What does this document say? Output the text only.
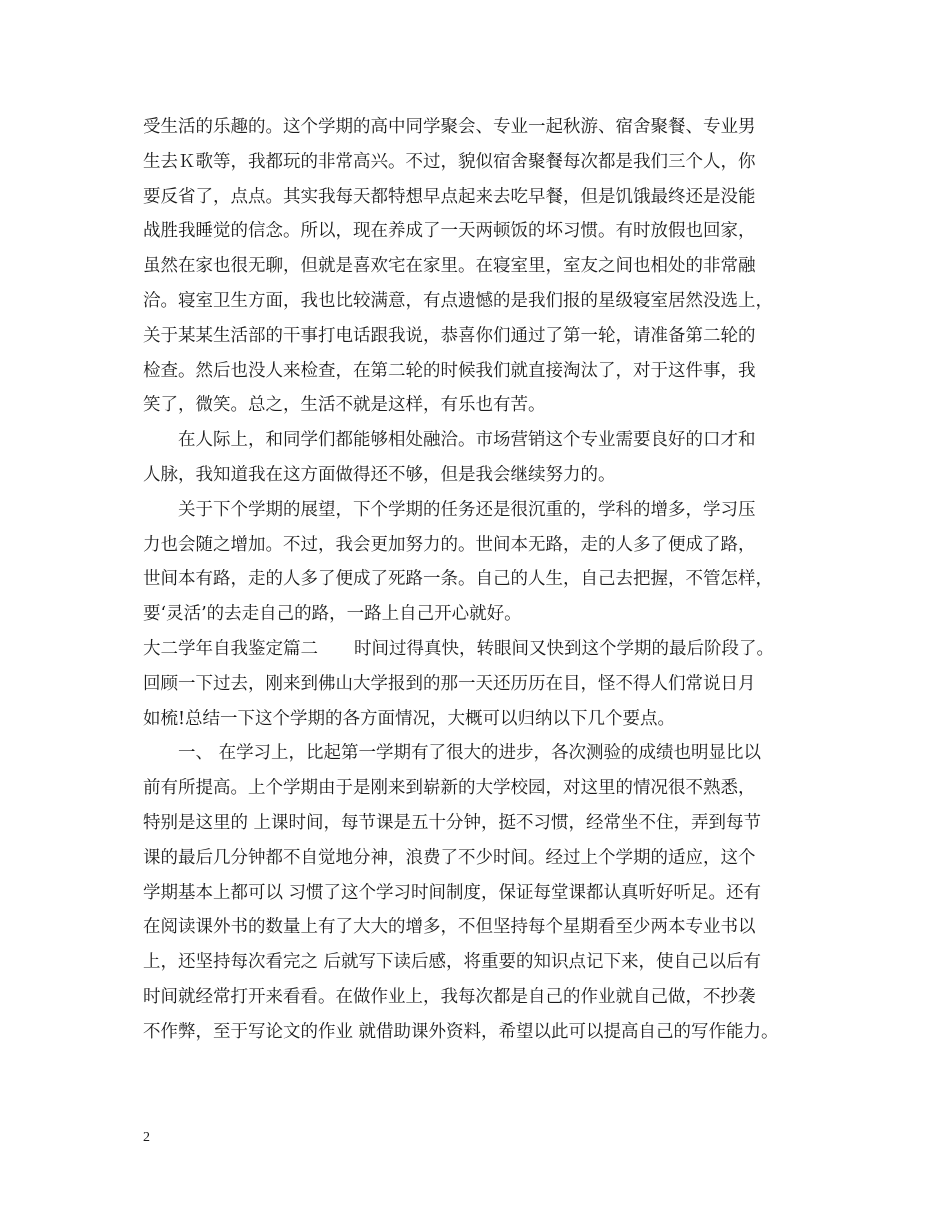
受生活的乐趣的。这个学期的高中同学聚会、专业一起秋游、宿舍聚餐、专业男
生去Ｋ歌等，我都玩的非常高兴。不过，貌似宿舍聚餐每次都是我们三个人，你
要反省了，点点。其实我每天都特想早点起来去吃早餐，但是饥饿最终还是没能
战胜我睡觉的信念。所以，现在养成了一天两顿饭的坏习惯。有时放假也回家，
虽然在家也很无聊，但就是喜欢宅在家里。在寝室里，室友之间也相处的非常融
洽。寝室卫生方面，我也比较满意，有点遗憾的是我们报的星级寝室居然没选上，
关于某某生活部的干事打电话跟我说，恭喜你们通过了第一轮，请准备第二轮的
检查。然后也没人来检查，在第二轮的时候我们就直接淘汰了，对于这件事，我
笑了，微笑。总之，生活不就是这样，有乐也有苦。
在人际上，和同学们都能够相处融洽。市场营销这个专业需要良好的口才和
人脉，我知道我在这方面做得还不够，但是我会继续努力的。
关于下个学期的展望，下个学期的任务还是很沉重的，学科的增多，学习压
力也会随之增加。不过，我会更加努力的。世间本无路，走的人多了便成了路，
世间本有路，走的人多了便成了死路一条。自己的人生，自己去把握，不管怎样，
要‘灵活’的去走自己的路，一路上自己开心就好。
大二学年自我鉴定篇二 时间过得真快，转眼间又快到这个学期的最后阶段了。
回顾一下过去，刚来到佛山大学报到的那一天还历历在目，怪不得人们常说日月
如梳!总结一下这个学期的各方面情况，大概可以归纳以下几个要点。
一、 在学习上，比起第一学期有了很大的进步，各次测验的成绩也明显比以
前有所提高。上个学期由于是刚来到崭新的大学校园，对这里的情况很不熟悉，
特别是这里的 上课时间，每节课是五十分钟，挺不习惯，经常坐不住，弄到每节
课的最后几分钟都不自觉地分神，浪费了不少时间。经过上个学期的适应，这个
学期基本上都可以 习惯了这个学习时间制度，保证每堂课都认真听好听足。还有
在阅读课外书的数量上有了大大的增多，不但坚持每个星期看至少两本专业书以
上，还坚持每次看完之 后就写下读后感，将重要的知识点记下来，使自己以后有
时间就经常打开来看看。在做作业上，我每次都是自己的作业就自己做，不抄袭
不作弊，至于写论文的作业 就借助课外资料，希望以此可以提高自己的写作能力。
2
